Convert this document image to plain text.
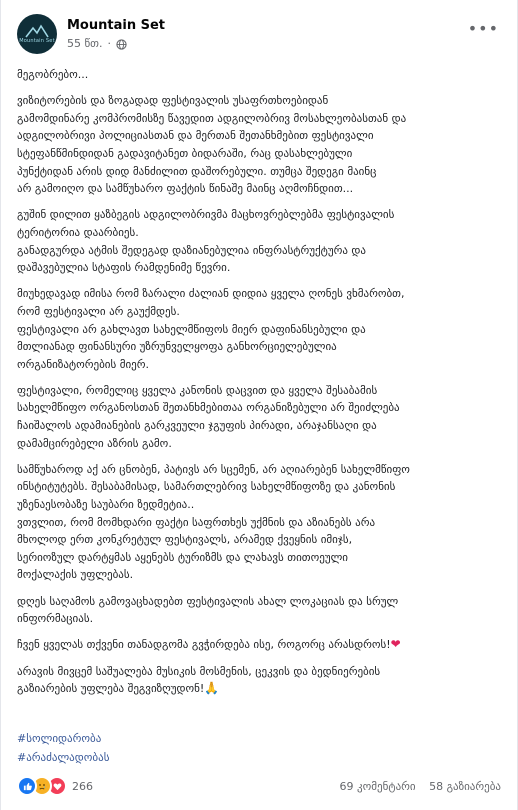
Mountain Set
Mountain Set
55 წთ. ·
•••

მეგობრებო...

ვიზიტორების და ზოგადად ფესტივალის უსაფრთხოებიდან
გამომდინარე კომპრომისზე წავედით ადგილობრივ მოსახლეობასთან და
ადგილობრივი პოლიციასთან და მერთან შეთანხმებით ფესტივალი
სტეფანწმინდიდან გადავიტანეთ ბიდარაში, რაც დასახლებული
პუნქტიდან არის დიდ მანძილით დაშორებული. თუმცა შედეგი მაინც
არ გამოიღო და სამწუხარო ფაქტის წინაშე მაინც აღმოჩნდით...

გუშინ დილით ყაზბეგის ადგილობრივმა მაცხოვრებლებმა ფესტივალის
ტერიტორია დაარბიეს.
განადგურდა ატმის შედეგად დაზიანებულია ინფრასტრუქტურა და
დაშავებულია სტაფის რამდენიმე წევრი.

მიუხედავად იმისა რომ ზარალი ძალიან დიდია ყველა ღონეს ვხმარობთ,
რომ ფესტივალი არ გაუქმდეს.
ფესტივალი არ გახლავთ სახელმწიფოს მიერ დაფინანსებული და
მთლიანად ფინანსური უზრუნველყოფა განხორციელებულია
ორგანიზატორების მიერ.

ფესტივალი, რომელიც ყველა კანონის დაცვით და ყველა შესაბამის
სახელმწიფო ორგანოსთან შეთანხმებითაა ორგანიზებული არ შეიძლება
ჩაიშალოს ადამიანების გარკვეული ჯგუფის პირადი, არაჯანსაღი და
დამამცირებელი აზრის გამო.

სამწუხაროდ აქ არ ცნობენ, პატივს არ სცემენ, არ აღიარებენ სახელმწიფო
ინსტიტუტებს. შესაბამისად, სამართლებრივ სახელმწიფოზე და კანონის
უზენაესობაზე საუბარი ზედმეტია..
ვთვლით, რომ მომხდარი ფაქტი საფრთხეს უქმნის და აზიანებს არა
მხოლოდ ერთ კონკრეტულ ფესტივალს, არამედ ქვეყნის იმიჯს,
სერიოზულ დარტყმას აყენებს ტურიზმს და ლახავს თითოეული
მოქალაქის უფლებას.

დღეს საღამოს გამოვაცხადებთ ფესტივალის ახალ ლოკაციას და სრულ
ინფორმაციას.

ჩვენ ყველას თქვენი თანადგომა გვჭირდება ისე, როგორც არასდროს!❤

არავის მივცემ საშუალება მუსიკის მოსმენის, ცეკვის და ბედნიერების
გაზიარების უფლება შეგვიზღუდონ!🙏

#სოლიდარობა
#არაძალადობას
266	69 კომენტარი 58 გაზიარება
